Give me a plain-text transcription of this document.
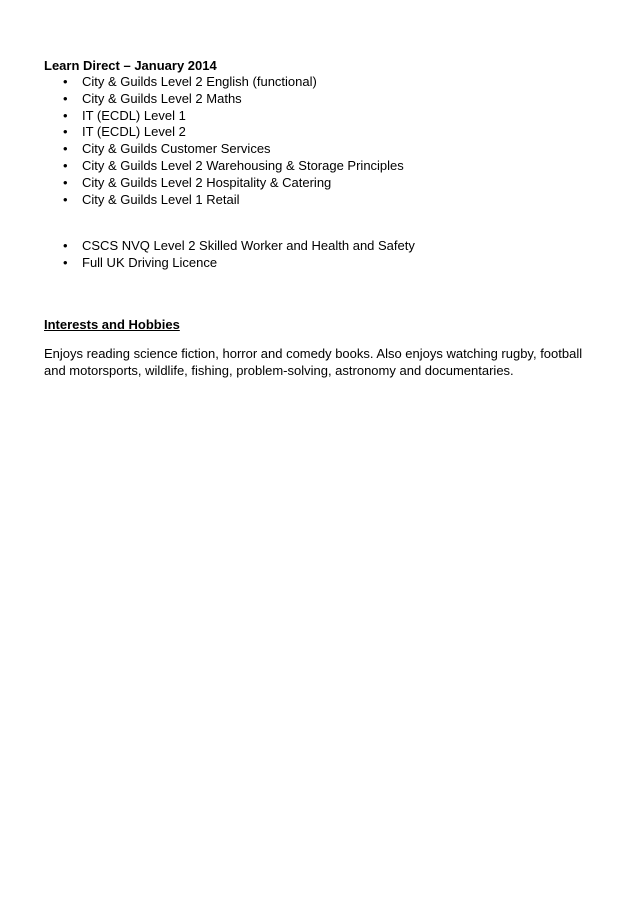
Learn Direct – January 2014
• City & Guilds Level 2 English (functional)
• City & Guilds Level 2 Maths
• IT (ECDL) Level 1
• IT (ECDL) Level 2
• City & Guilds Customer Services
• City & Guilds Level 2 Warehousing & Storage Principles
• City & Guilds Level 2 Hospitality & Catering
• City & Guilds Level 1 Retail
• CSCS NVQ Level 2 Skilled Worker and Health and Safety
• Full UK Driving Licence
Interests and Hobbies
Enjoys reading science fiction, horror and comedy books. Also enjoys watching rugby, football
and motorsports, wildlife, fishing, problem-solving, astronomy and documentaries.
